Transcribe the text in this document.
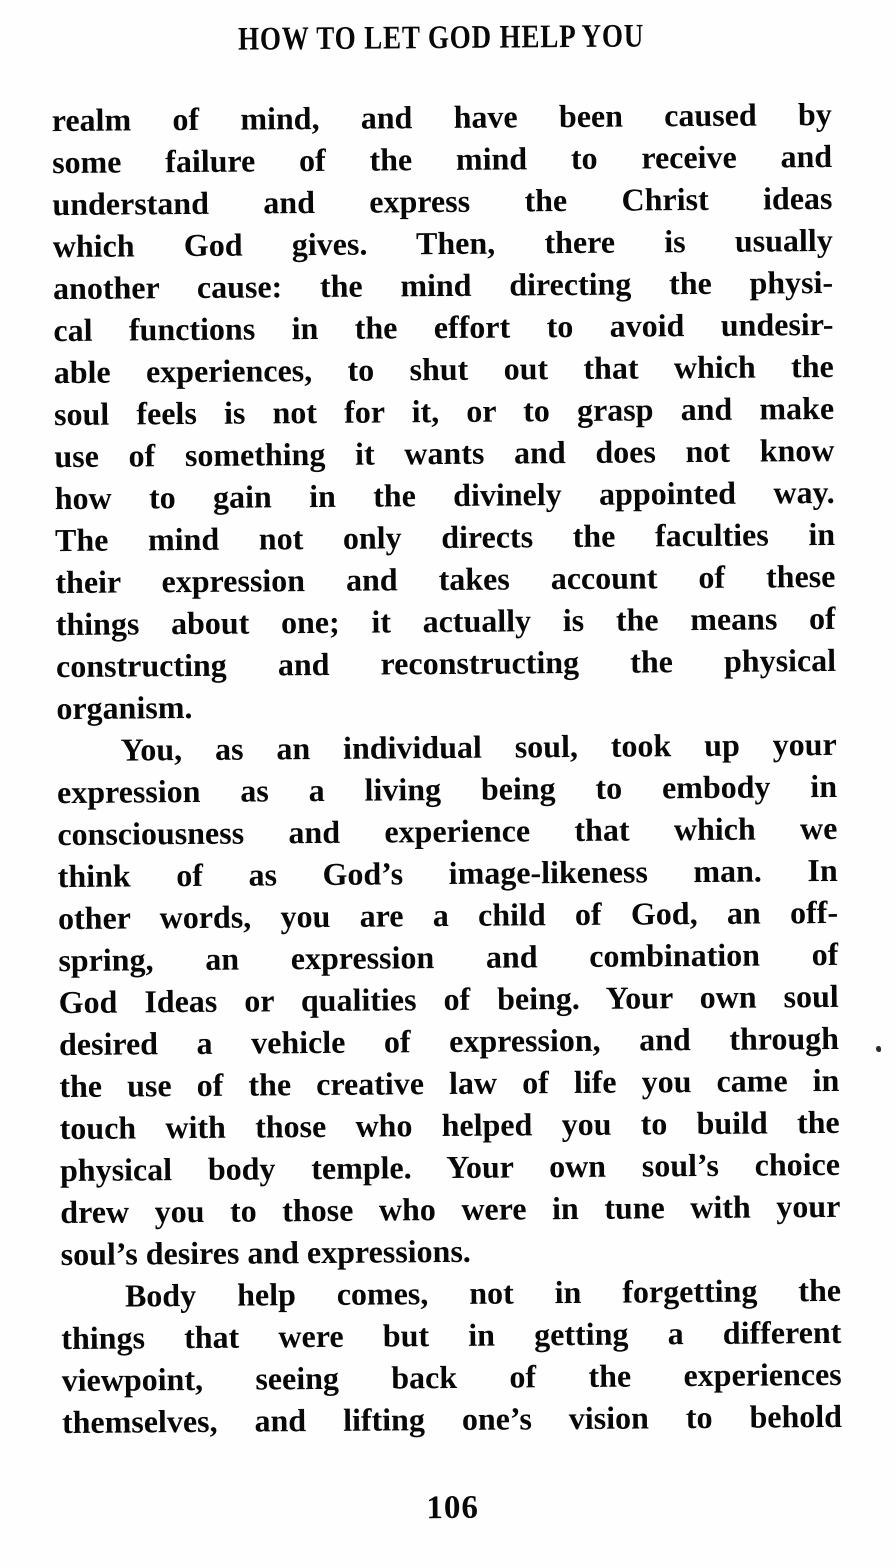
HOW TO LET GOD HELP YOU
realm of mind, and have been caused by
some failure of the mind to receive and
understand and express the Christ ideas
which God gives. Then, there is usually
another cause: the mind directing the physi-
cal functions in the effort to avoid undesir-
able experiences, to shut out that which the
soul feels is not for it, or to grasp and make
use of something it wants and does not know
how to gain in the divinely appointed way.
The mind not only directs the faculties in
their expression and takes account of these
things about one; it actually is the means of
constructing and reconstructing the physical
organism.
You, as an individual soul, took up your
expression as a living being to embody in
consciousness and experience that which we
think of as God’s image-likeness man. In
other words, you are a child of God, an off-
spring, an expression and combination of
God Ideas or qualities of being. Your own soul
desired a vehicle of expression, and through
the use of the creative law of life you came in
touch with those who helped you to build the
physical body temple. Your own soul’s choice
drew you to those who were in tune with your
soul’s desires and expressions.
Body help comes, not in forgetting the
things that were but in getting a different
viewpoint, seeing back of the experiences
themselves, and lifting one’s vision to behold
106
